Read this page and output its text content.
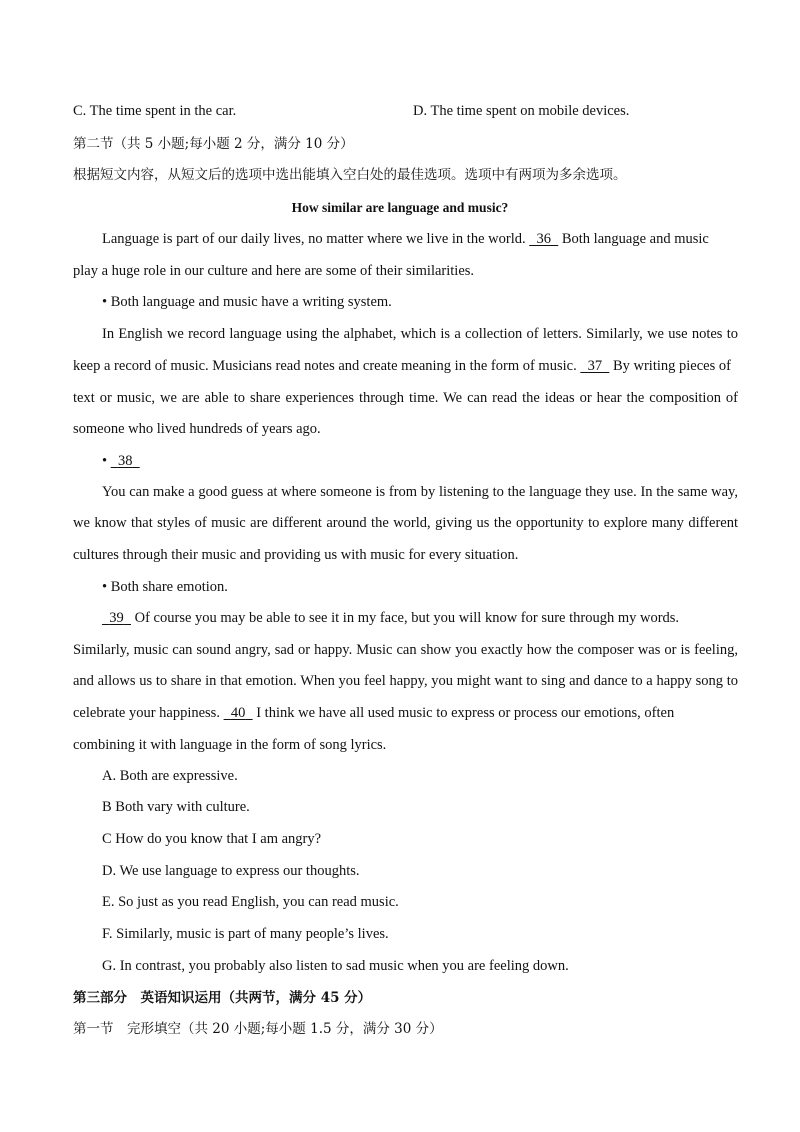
C. The time spent in the car.	D. The time spent on mobile devices.
第二节（共 5 小题;每小题 2 分，满分 10 分）
根据短文内容，从短文后的选项中选出能填入空白处的最佳选项。选项中有两项为多余选项。
How similar are language and music?
Language is part of our daily lives, no matter where we live in the world. 36 Both language and music
play a huge role in our culture and here are some of their similarities.
• Both language and music have a writing system.
In English we record language using the alphabet, which is a collection of letters. Similarly, we use notes to
keep a record of music. Musicians read notes and create meaning in the form of music. 37 By writing pieces of
text or music, we are able to share experiences through time. We can read the ideas or hear the composition of
someone who lived hundreds of years ago.
• 38
You can make a good guess at where someone is from by listening to the language they use. In the same way,
we know that styles of music are different around the world, giving us the opportunity to explore many different
cultures through their music and providing us with music for every situation.
• Both share emotion.
39 Of course you may be able to see it in my face, but you will know for sure through my words.
Similarly, music can sound angry, sad or happy. Music can show you exactly how the composer was or is feeling,
and allows us to share in that emotion. When you feel happy, you might want to sing and dance to a happy song to
celebrate your happiness. 40 I think we have all used music to express or process our emotions, often
combining it with language in the form of song lyrics.
A. Both are expressive.
B Both vary with culture.
C How do you know that I am angry?
D. We use language to express our thoughts.
E. So just as you read English, you can read music.
F. Similarly, music is part of many people’s lives.
G. In contrast, you probably also listen to sad music when you are feeling down.
第三部分　英语知识运用（共两节，满分 45 分）
第一节　完形填空（共 20 小题;每小题 1.5 分，满分 30 分）
